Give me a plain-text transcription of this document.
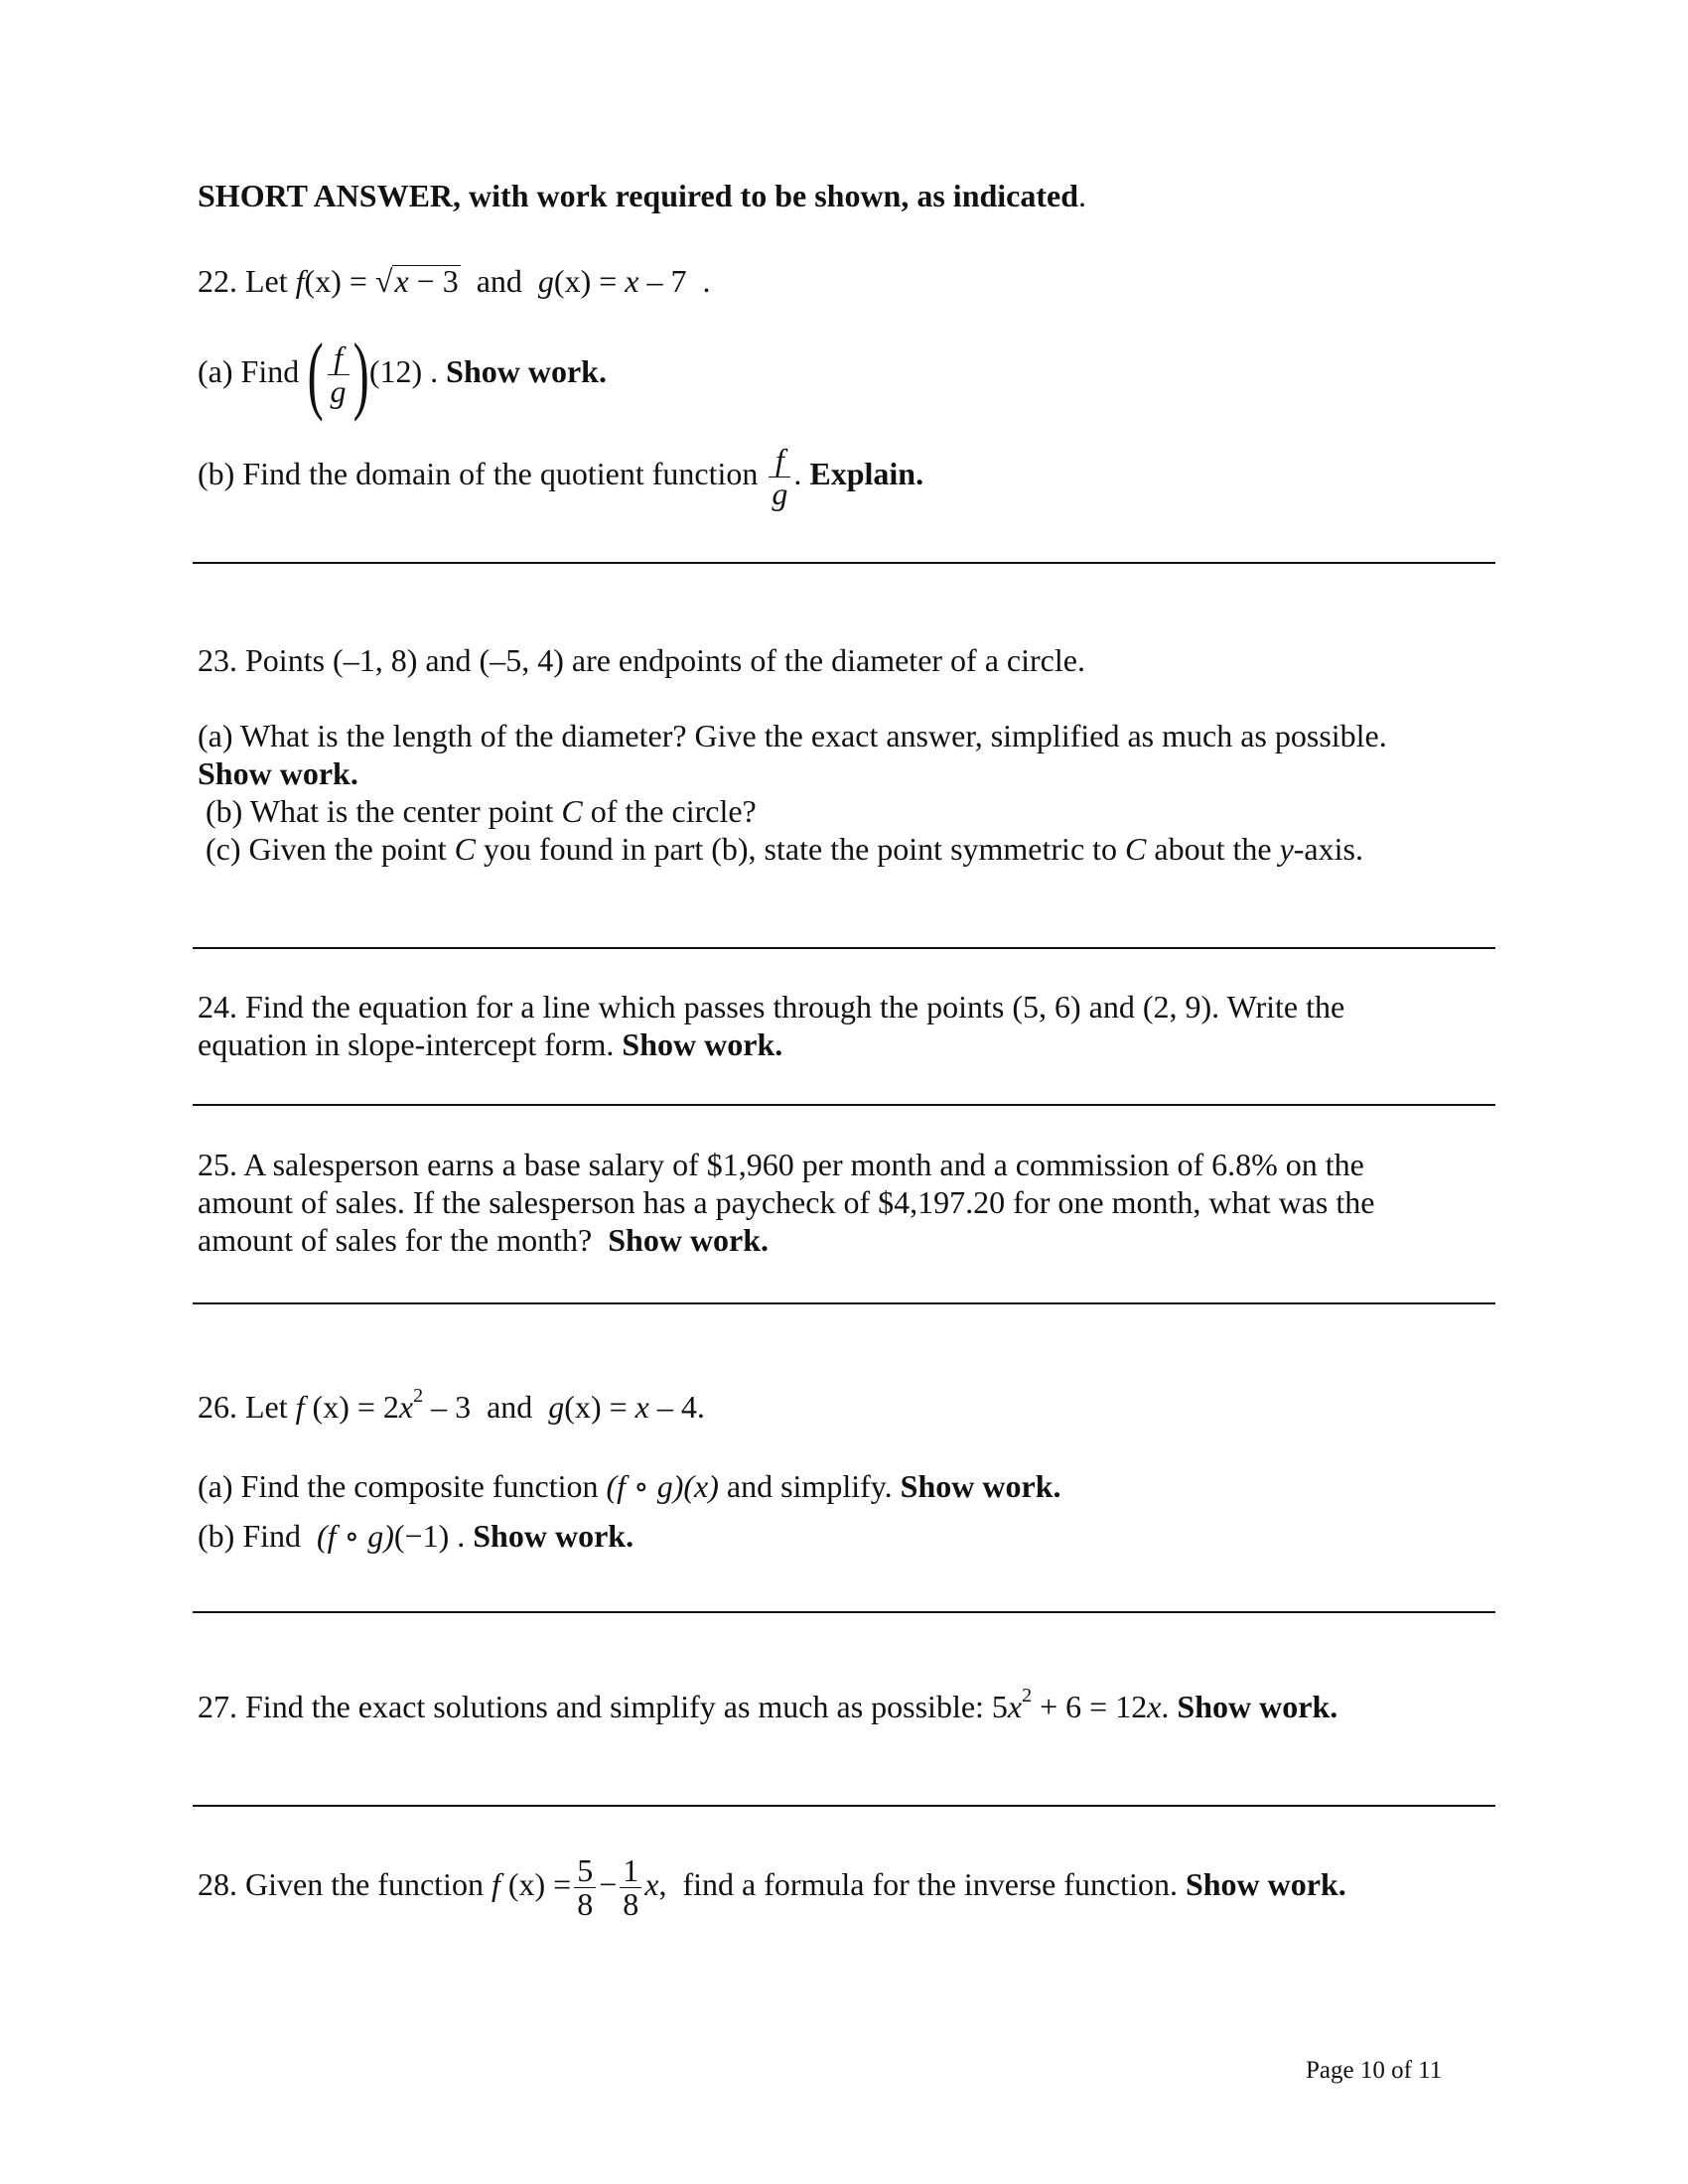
SHORT ANSWER, with work required to be shown, as indicated.
22. Let f(x) = √x − 3  and  g(x) = x – 7  .
(a) Find ( $\frac{f}{g} )(12)$ . Show work.
(b) Find the domain of the quotient function $\frac{f}{g}$ . Explain.
23. Points (–1, 8) and (–5, 4) are endpoints of the diameter of a circle.
(a) What is the length of the diameter? Give the exact answer, simplified as much as possible.
Show work.
(b) What is the center point C of the circle?
(c) Given the point C you found in part (b), state the point symmetric to C about the y-axis.
24. Find the equation for a line which passes through the points (5, 6) and (2, 9). Write the
equation in slope-intercept form. Show work.
25. A salesperson earns a base salary of $1,960 per month and a commission of 6.8% on the
amount of sales. If the salesperson has a paycheck of $4,197.20 for one month, what was the
amount of sales for the month?  Show work.
26. Let f $(x) = 2x^2 - 3$  and  g(x) = x – 4.
(a) Find the composite function (f ∘ g)(x) and simplify. Show work.
(b) Find  (f ∘ g)(−1) . Show work.
27. Find the exact solutions and simplify as much as possible: $5x^2 + 6 = 12x$. Show work.
28. Given the function f $(x) = \frac{5}{8} - \frac{1}{8} x$,  find a formula for the inverse function. Show work.
Page 10 of 11
